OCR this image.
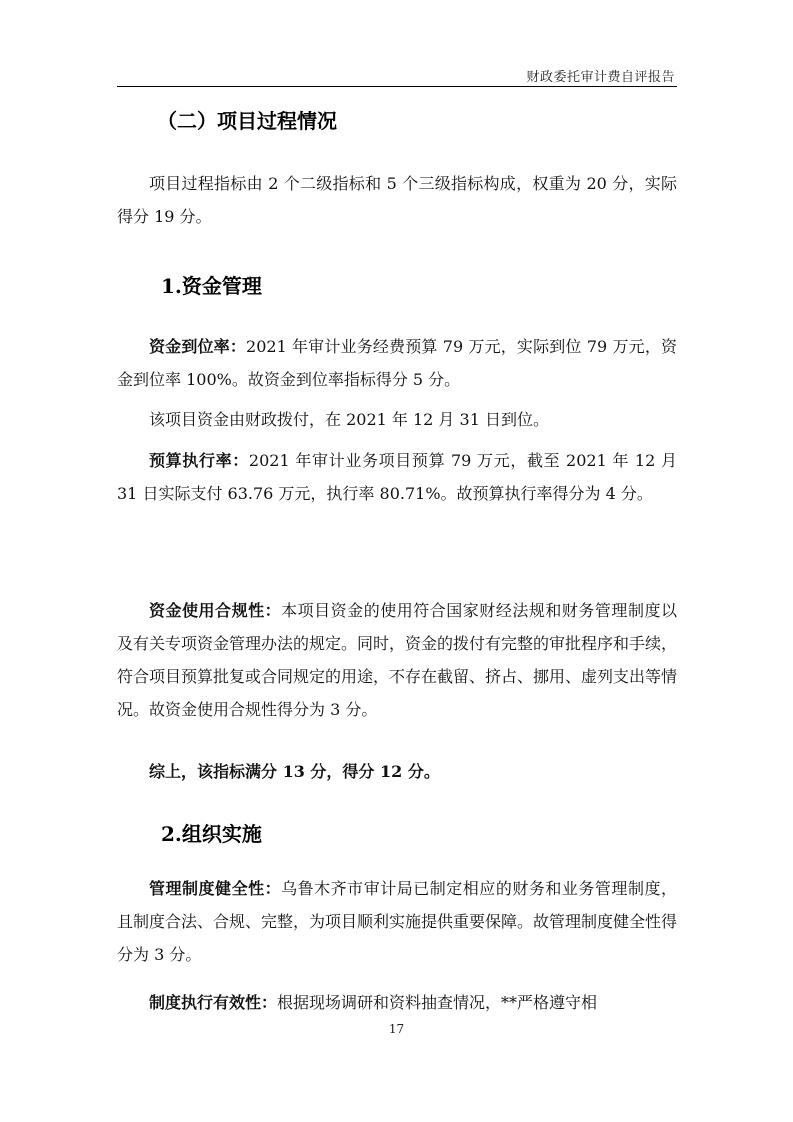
财政委托审计费自评报告
（二）项目过程情况

项目过程指标由 2 个二级指标和 5 个三级指标构成，权重为 20 分，实际得分 19 分。

1.资金管理

资金到位率：2021 年审计业务经费预算 79 万元，实际到位 79 万元，资金到位率 100%。故资金到位率指标得分 5 分。

该项目资金由财政拨付，在 2021 年 12 月 31 日到位。

预算执行率：2021 年审计业务项目预算 79 万元，截至 2021 年 12 月 31 日实际支付 63.76 万元，执行率 80.71%。故预算执行率得分为 4 分。

资金使用合规性：本项目资金的使用符合国家财经法规和财务管理制度以及有关专项资金管理办法的规定。同时，资金的拨付有完整的审批程序和手续，符合项目预算批复或合同规定的用途，不存在截留、挤占、挪用、虚列支出等情况。故资金使用合规性得分为 3 分。

综上，该指标满分 13 分，得分 12 分。

2.组织实施

管理制度健全性：乌鲁木齐市审计局已制定相应的财务和业务管理制度，且制度合法、合规、完整，为项目顺利实施提供重要保障。故管理制度健全性得分为 3 分。

制度执行有效性：根据现场调研和资料抽查情况，**严格遵守相

17
